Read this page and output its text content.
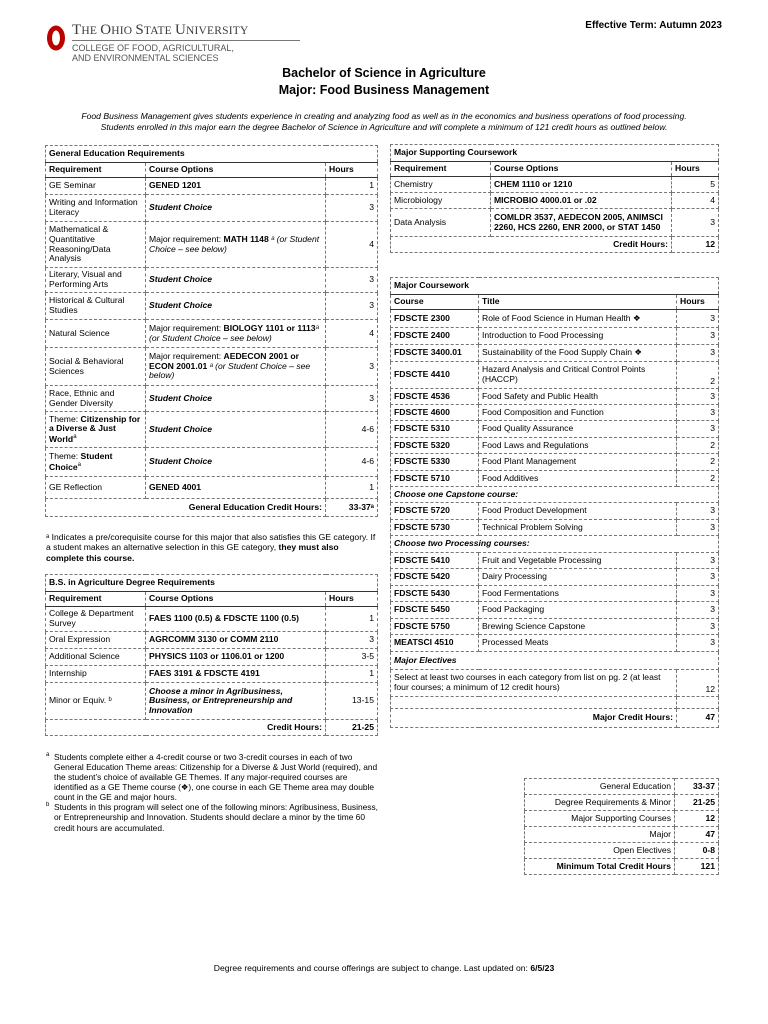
THE OHIO STATE UNIVERSITY
COLLEGE OF FOOD, AGRICULTURAL,
AND ENVIRONMENTAL SCIENCES
Effective Term: Autumn 2023
Bachelor of Science in Agriculture
Major: Food Business Management
Food Business Management gives students experience in creating and analyzing food as well as in the economics and business operations of food processing.
Students enrolled in this major earn the degree Bachelor of Science in Agriculture and will complete a minimum of 121 credit hours as outlined below.
General Education Requirements		
Requirement	Course Options	Hours
GE Seminar	GENED 1201	1
Writing and Information Literacy	Student Choice	3
Mathematical & Quantitative Reasoning/Data Analysis	Major requirement: MATH 1148 ᵃ (or Student Choice – see below)	4
Literary, Visual and Performing Arts	Student Choice	3
Historical & Cultural Studies	Student Choice	3
Natural Science	Major requirement: BIOLOGY 1101 or 1113ᵃ (or Student Choice – see below)	4
Social & Behavioral Sciences	Major requirement: AEDECON 2001 or ECON 2001.01 ᵃ (or Student Choice – see below)	3
Race, Ethnic and Gender Diversity	Student Choice	3
Theme: Citizenship for a Diverse & Just World$^a$	Student Choice	4-6
Theme: Student Choice$^a$	Student Choice	4-6
GE Reflection	GENED 4001	1
General Education Credit Hours:		33-37ᵃ
ᵃ Indicates a pre/corequisite course for this major that also satisfies this GE category. If a student makes an alternative selection in this GE category, they must also complete this course.
B.S. in Agriculture Degree Requirements		
Requirement	Course Options	Hours
College & Department Survey	FAES 1100 (0.5) & FDSCTE 1100 (0.5)	1
Oral Expression	AGRCOMM 3130 or COMM 2110	3
Additional Science	PHYSICS 1103 or 1106.01 or 1200	3-5
Internship	FAES 3191 & FDSCTE 4191	1
Minor or Equiv. ᵇ	Choose a minor in Agribusiness, Business, or Entrepreneurship and Innovation	13-15
Credit Hours:		21-25
a Students complete either a 4-credit course or two 3-credit courses in each of two General Education Theme areas: Citizenship for a Diverse & Just World (required), and the student’s choice of available GE Themes. If any major-required courses are identified as a GE Theme course (❖), one course in each GE Theme area may double count in the GE and major hours.
b Students in this program will select one of the following minors: Agribusiness, Business, or Entrepreneurship and Innovation. Students should declare a minor by the time 60 credit hours are accumulated.
Major Supporting Coursework		
Requirement	Course Options	Hours
Chemistry	CHEM 1110 or 1210	5
Microbiology	MICROBIO 4000.01 or .02	4
Data Analysis	COMLDR 3537, AEDECON 2005, ANIMSCI 2260, HCS 2260, ENR 2000, or STAT 1450	3
Credit Hours:		12
Major Coursework		
Course	Title	Hours
FDSCTE 2300	Role of Food Science in Human Health ❖	3
FDSCTE 2400	Introduction to Food Processing	3
FDSCTE 3400.01	Sustainability of the Food Supply Chain ❖	3
FDSCTE 4410	Hazard Analysis and Critical Control Points (HACCP)	2
FDSCTE 4536	Food Safety and Public Health	3
FDSCTE 4600	Food Composition and Function	3
FDSCTE 5310	Food Quality Assurance	3
FDSCTE 5320	Food Laws and Regulations	2
FDSCTE 5330	Food Plant Management	2
FDSCTE 5710	Food Additives	2
Choose one Capstone course:		
FDSCTE 5720	Food Product Development	3
FDSCTE 5730	Technical Problem Solving	3
Choose two Processing courses:		
FDSCTE 5410	Fruit and Vegetable Processing	3
FDSCTE 5420	Dairy Processing	3
FDSCTE 5430	Food Fermentations	3
FDSCTE 5450	Food Packaging	3
FDSCTE 5750	Brewing Science Capstone	3
MEATSCI 4510	Processed Meats	3
Major Electives		
Select at least two courses in each category from list on pg. 2 (at least four courses; a minimum of 12 credit hours)		12

Major Credit Hours:		47
General Education	33-37
Degree Requirements & Minor	21-25
Major Supporting Courses	12
Major	47
Open Electives	0-8
Minimum Total Credit Hours	121
Degree requirements and course offerings are subject to change. Last updated on: 6/5/23
